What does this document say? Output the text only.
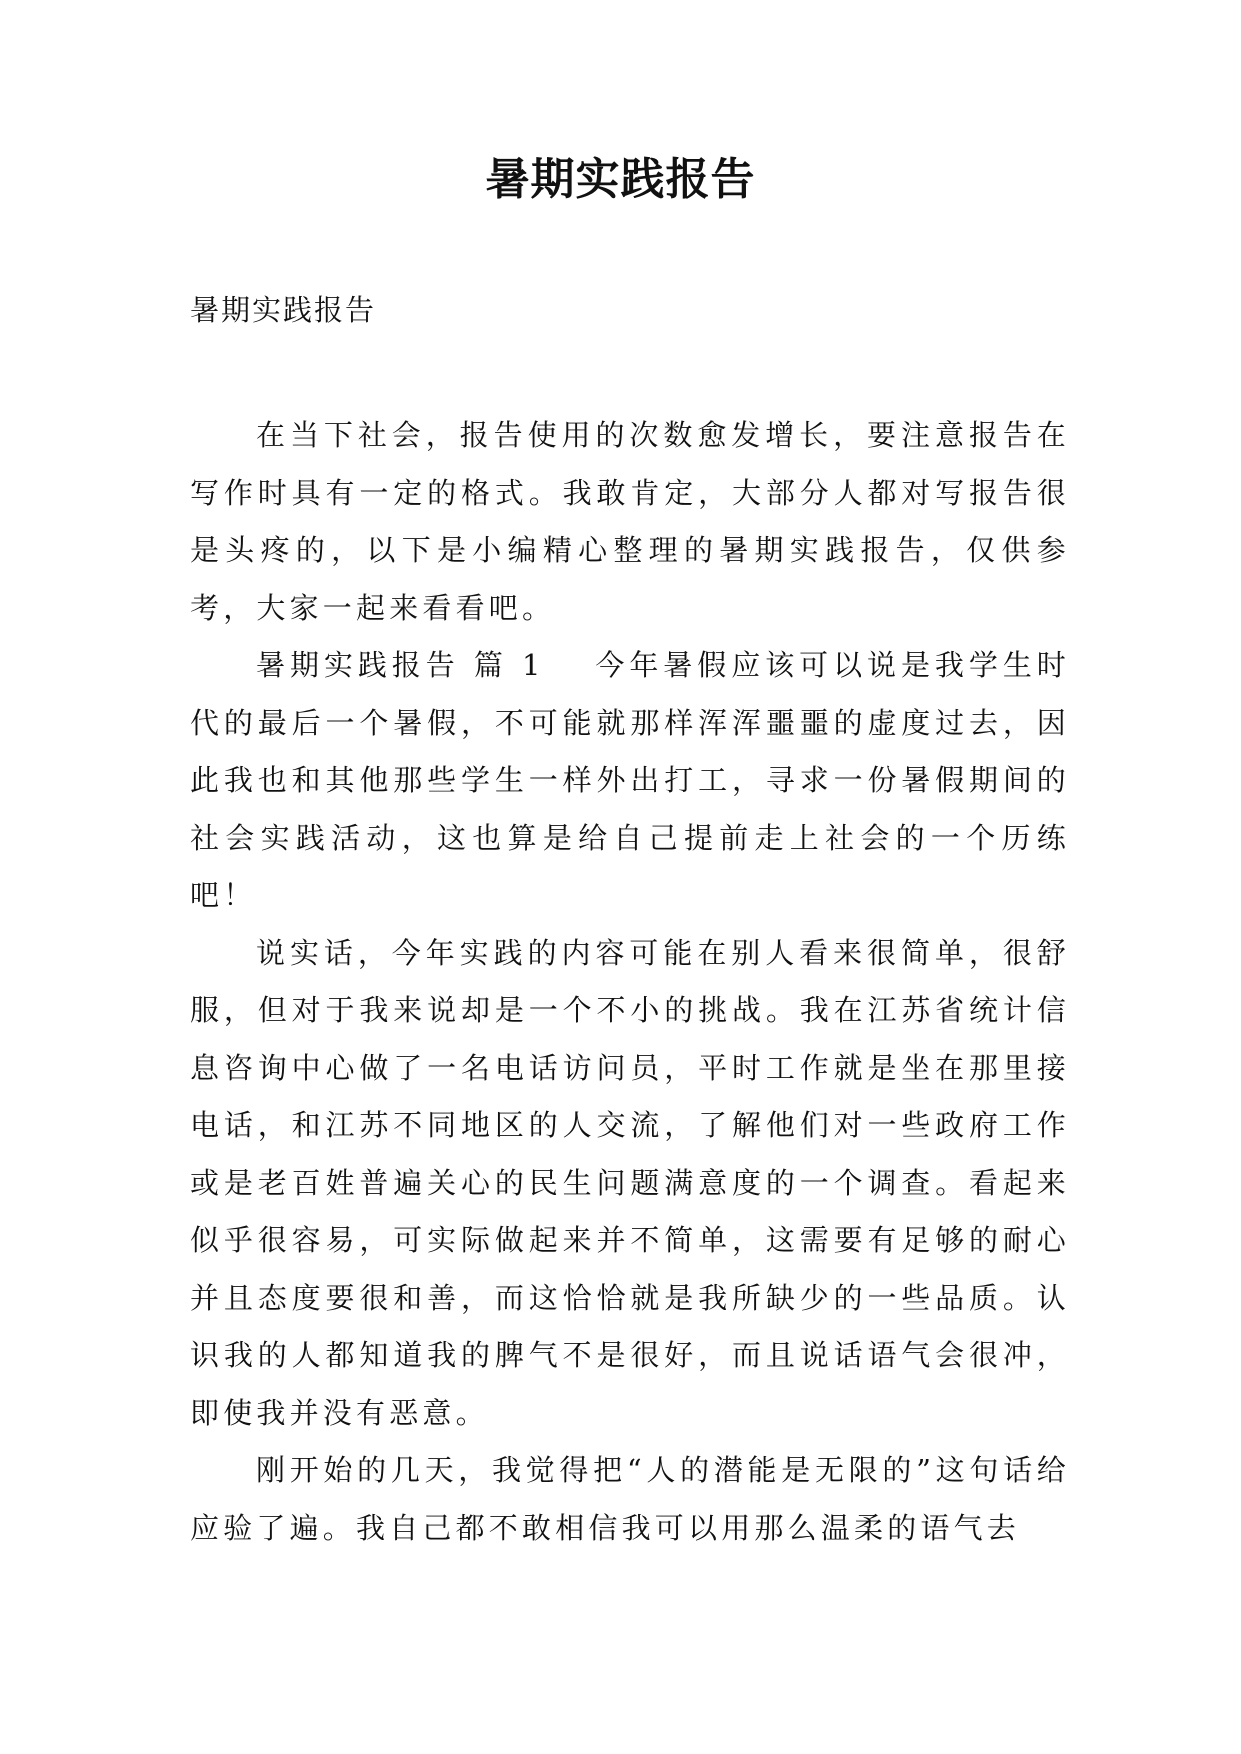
暑期实践报告

暑期实践报告

在当下社会，报告使用的次数愈发增长，要注意报告在写作时具有一定的格式。我敢肯定，大部分人都对写报告很是头疼的，以下是小编精心整理的暑期实践报告，仅供参考，大家一起来看看吧。

暑期实践报告 篇 1 今年暑假应该可以说是我学生时代的最后一个暑假，不可能就那样浑浑噩噩的虚度过去，因此我也和其他那些学生一样外出打工，寻求一份暑假期间的社会实践活动，这也算是给自己提前走上社会的一个历练吧！

说实话，今年实践的内容可能在别人看来很简单，很舒服，但对于我来说却是一个不小的挑战。我在江苏省统计信息咨询中心做了一名电话访问员，平时工作就是坐在那里接电话，和江苏不同地区的人交流，了解他们对一些政府工作或是老百姓普遍关心的民生问题满意度的一个调查。看起来似乎很容易，可实际做起来并不简单，这需要有足够的耐心并且态度要很和善，而这恰恰就是我所缺少的一些品质。认识我的人都知道我的脾气不是很好，而且说话语气会很冲，即使我并没有恶意。

刚开始的几天，我觉得把“人的潜能是无限的”这句话给应验了遍。我自己都不敢相信我可以用那么温柔的语气去
